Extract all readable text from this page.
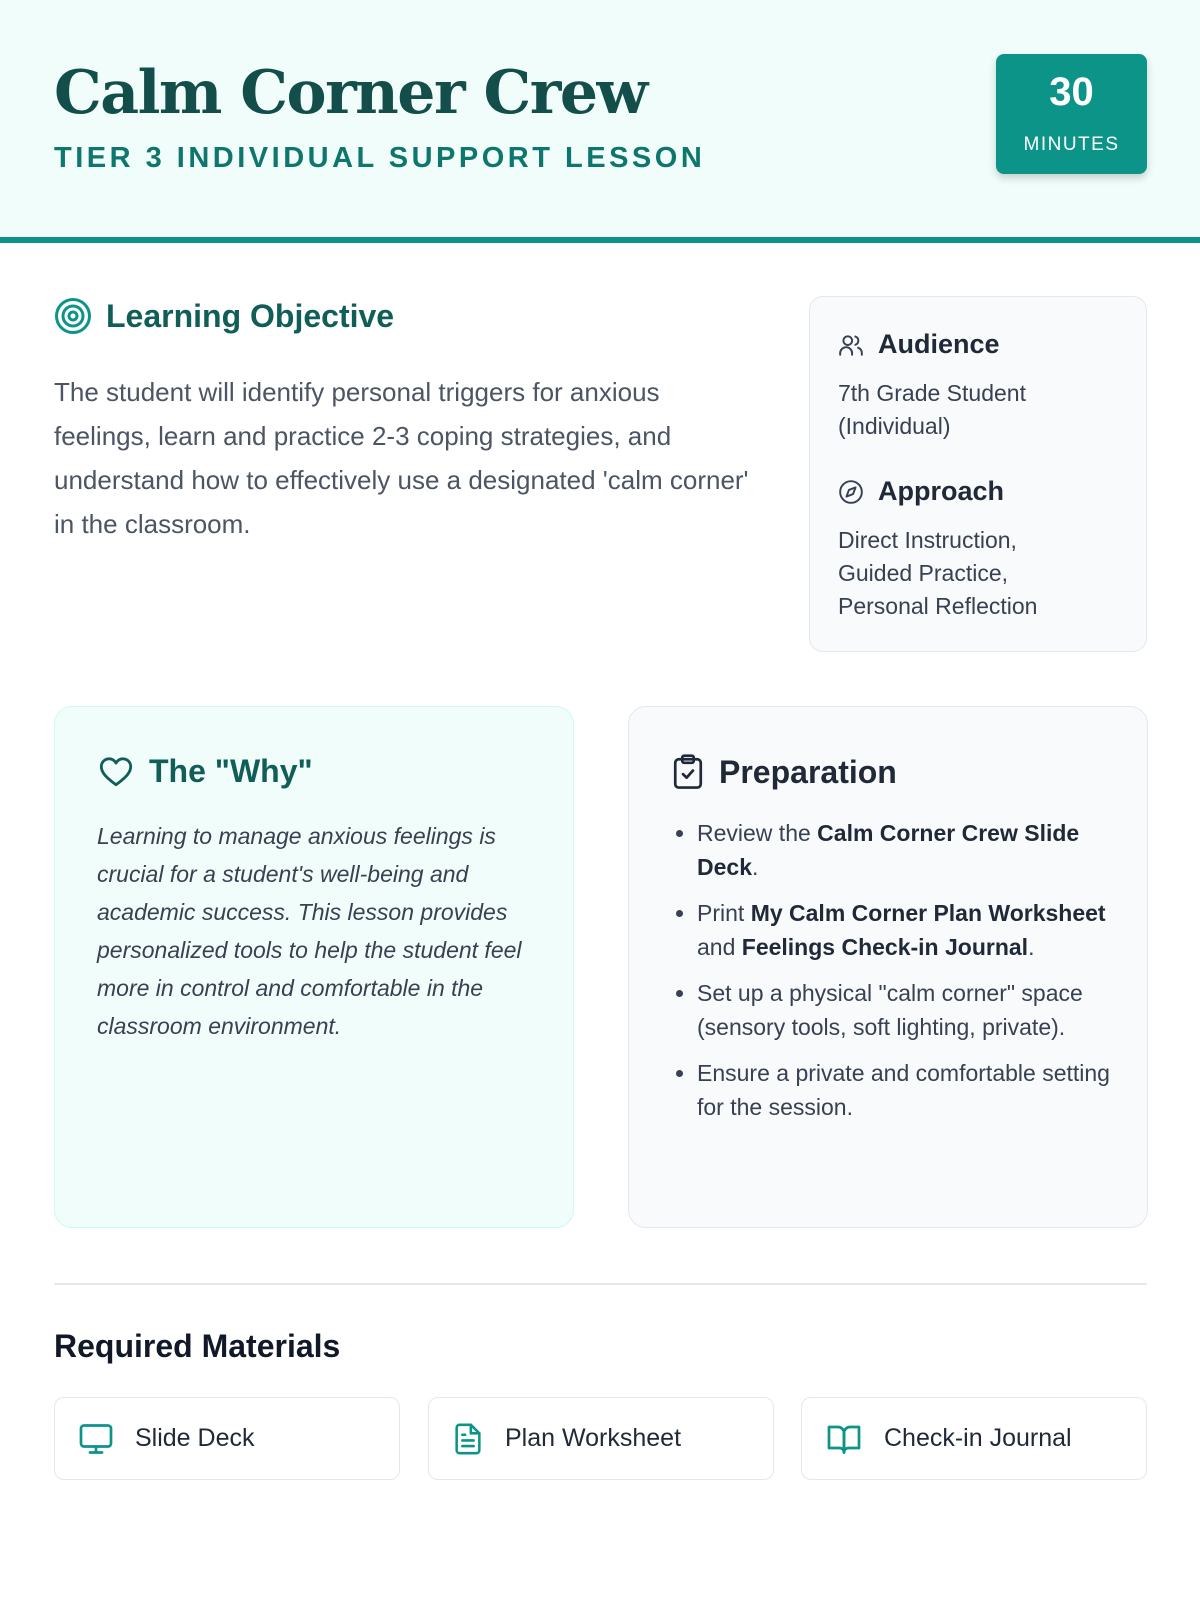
Calm Corner Crew
TIER 3 INDIVIDUAL SUPPORT LESSON
30
MINUTES
Learning Objective

The student will identify personal triggers for anxious feelings, learn and practice 2-3 coping strategies, and understand how to effectively use a designated 'calm corner' in the classroom.

Audience
7th Grade Student (Individual)
Approach
Direct Instruction,
Guided Practice,
Personal Reflection
The "Why"

Learning to manage anxious feelings is crucial for a student's well-being and academic success. This lesson provides personalized tools to help the student feel more in control and comfortable in the classroom environment.

Preparation
• Review the Calm Corner Crew Slide Deck.
• Print My Calm Corner Plan Worksheet and Feelings Check-in Journal.
• Set up a physical "calm corner" space (sensory tools, soft lighting, private).
• Ensure a private and comfortable setting for the session.
Required Materials
Slide Deck	Plan Worksheet	Check-in Journal
